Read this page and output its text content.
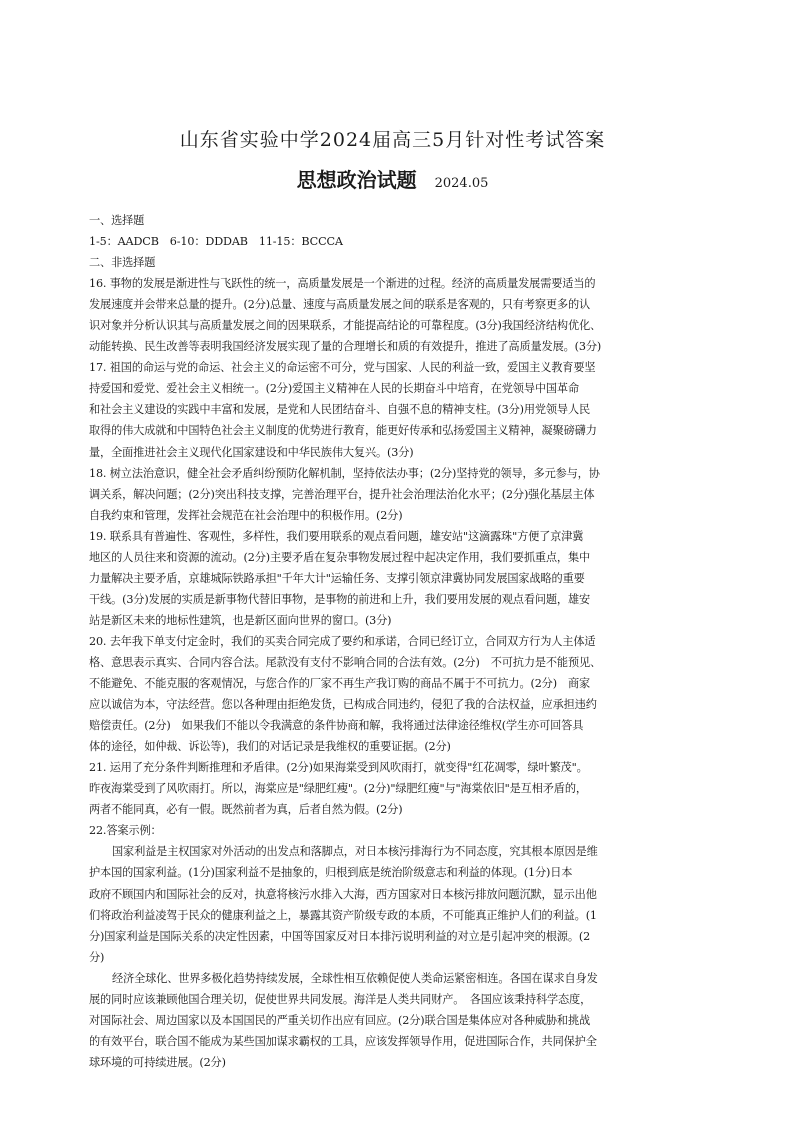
山东省实验中学2024届高三5月针对性考试答案
思想政治试题 2024.05
一、选择题
1-5：AADCB　6-10：DDDAB　11-15：BCCCA
二、非选择题
16. 事物的发展是渐进性与飞跃性的统一，高质量发展是一个渐进的过程。经济的高质量发展需要适当的
发展速度并会带来总量的提升。(2分)总量、速度与高质量发展之间的联系是客观的，只有考察更多的认
识对象并分析认识其与高质量发展之间的因果联系，才能提高结论的可靠程度。(3分)我国经济结构优化、
动能转换、民生改善等表明我国经济发展实现了量的合理增长和质的有效提升，推进了高质量发展。(3分)
17. 祖国的命运与党的命运、社会主义的命运密不可分，党与国家、人民的利益一致，爱国主义教育要坚
持爱国和爱党、爱社会主义相统一。(2分)爱国主义精神在人民的长期奋斗中培育，在党领导中国革命
和社会主义建设的实践中丰富和发展，是党和人民团结奋斗、自强不息的精神支柱。(3分)用党领导人民
取得的伟大成就和中国特色社会主义制度的优势进行教育，能更好传承和弘扬爱国主义精神，凝聚磅礴力
量，全面推进社会主义现代化国家建设和中华民族伟大复兴。(3分)
18. 树立法治意识，健全社会矛盾纠纷预防化解机制，坚持依法办事；(2分)坚持党的领导，多元参与，协
调关系，解决问题；(2分)突出科技支撑，完善治理平台，提升社会治理法治化水平；(2分)强化基层主体
自我约束和管理，发挥社会规范在社会治理中的积极作用。(2分)
19. 联系具有普遍性、客观性，多样性，我们要用联系的观点看问题，雄安站"这滴露珠"方便了京津冀
地区的人员往来和资源的流动。(2分)主要矛盾在复杂事物发展过程中起决定作用，我们要抓重点，集中
力量解决主要矛盾，京雄城际铁路承担"千年大计"运输任务、支撑引领京津冀协同发展国家战略的重要
干线。(3分)发展的实质是新事物代替旧事物，是事物的前进和上升，我们要用发展的观点看问题，雄安
站是新区未来的地标性建筑，也是新区面向世界的窗口。(3分)
20. 去年我下单支付定金时，我们的买卖合同完成了要约和承诺，合同已经订立，合同双方行为人主体适
格、意思表示真实、合同内容合法。尾款没有支付不影响合同的合法有效。(2分)　不可抗力是不能预见、
不能避免、不能克服的客观情况，与您合作的厂家不再生产我订购的商品不属于不可抗力。(2分)　商家
应以诚信为本，守法经营。您以各种理由拒绝发货，已构成合同违约，侵犯了我的合法权益，应承担违约
赔偿责任。(2分)　如果我们不能以令我满意的条件协商和解，我将通过法律途径维权(学生亦可回答具
体的途径，如仲裁、诉讼等)，我们的对话记录是我维权的重要证据。(2分)
21. 运用了充分条件判断推理和矛盾律。(2分)如果海棠受到风吹雨打，就变得"红花凋零，绿叶繁茂"。
昨夜海棠受到了风吹雨打。所以，海棠应是"绿肥红瘦"。(2分)"绿肥红瘦"与"海棠依旧"是互相矛盾的，
两者不能同真，必有一假。既然前者为真，后者自然为假。(2分)
22.答案示例：
国家利益是主权国家对外活动的出发点和落脚点，对日本核污排海行为不同态度，究其根本原因是维
护本国的国家利益。(1分)国家利益不是抽象的，归根到底是统治阶级意志和利益的体现。(1分)日本
政府不顾国内和国际社会的反对，执意将核污水排入大海，西方国家对日本核污排放问题沉默，显示出他
们将政治利益凌驾于民众的健康利益之上，暴露其资产阶级专政的本质，不可能真正维护人们的利益。(1
分)国家利益是国际关系的决定性因素，中国等国家反对日本排污说明利益的对立是引起冲突的根源。(2
分)
经济全球化、世界多极化趋势持续发展，全球性相互依赖促使人类命运紧密相连。各国在谋求自身发
展的同时应该兼顾他国合理关切，促使世界共同发展。海洋是人类共同财产。　各国应该秉持科学态度，
对国际社会、周边国家以及本国国民的严重关切作出应有回应。(2分)联合国是集体应对各种威胁和挑战
的有效平台，联合国不能成为某些国加谋求霸权的工具，应该发挥领导作用，促进国际合作，共同保护全
球环境的可持续进展。(2分)
